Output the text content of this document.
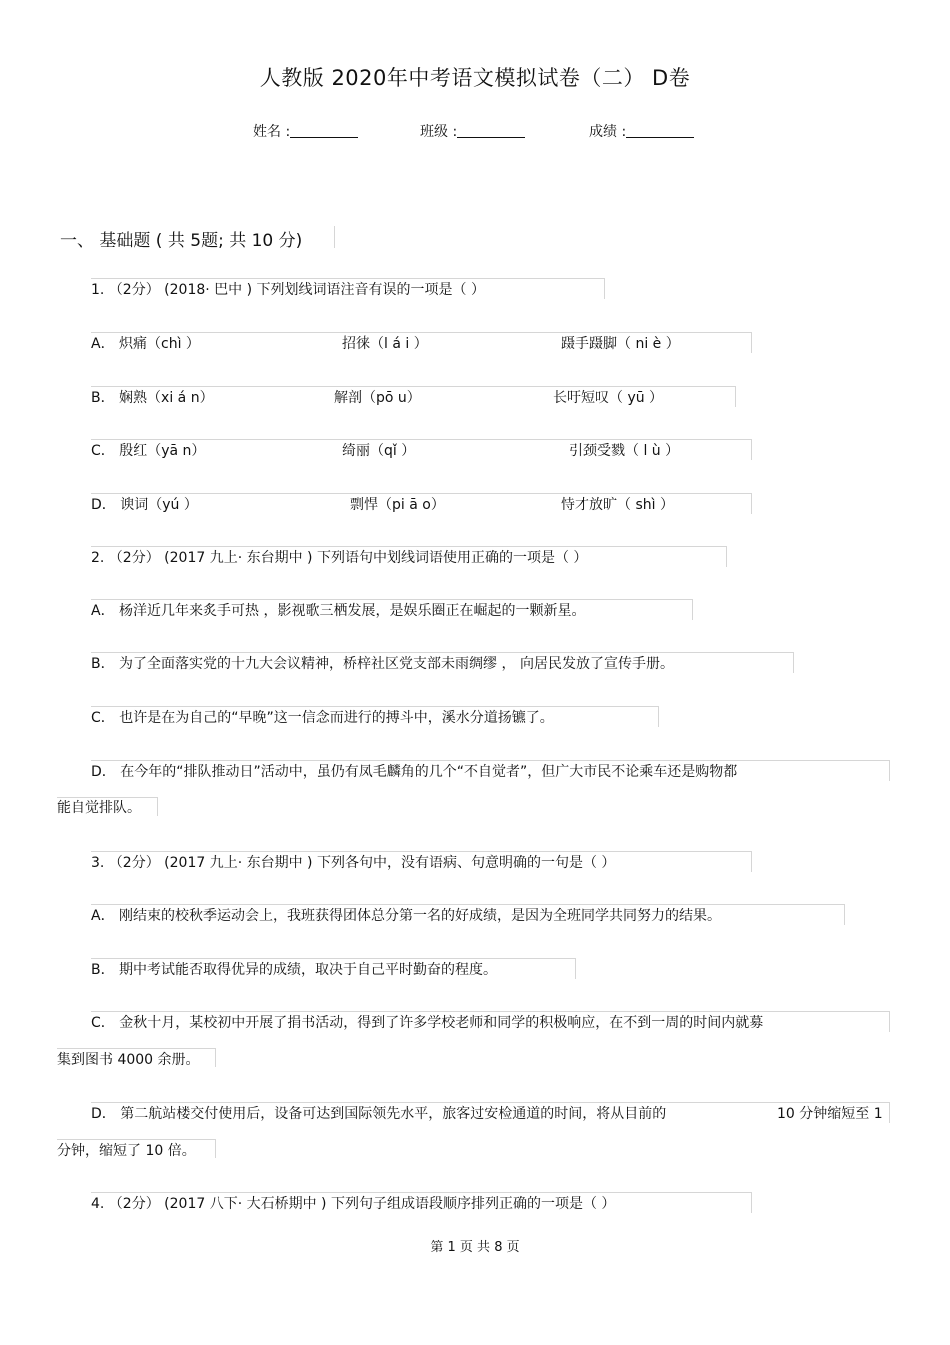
人教版 2020年中考语文模拟试卷（二） D卷
姓名 :	班级 :	成绩 :
一、 基础题 ( 共 5题; 共 10 分)
1. （2分） (2018· 巴中 ) 下列划线词语注音有误的一项是（ ）
A． 炽痛（chì ）	招徕（l á i ）	蹑手蹑脚（ ni è ）
B． 娴熟（xi á n）	解剖（pō u）	长吁短叹（ yū ）
C． 殷红（yā n）	绮丽（qǐ ）	引颈受戮（ l ù ）
D． 谀词（yú ）	剽悍（pi ā o）	恃才放旷（ shì ）
2. （2分） (2017 九上· 东台期中 ) 下列语句中划线词语使用正确的一项是（ ）
A． 杨洋近几年来炙手可热 ，影视歌三栖发展，是娱乐圈正在崛起的一颗新星。
B． 为了全面落实党的十九大会议精神，桥梓社区党支部未雨绸缪 ， 向居民发放了宣传手册。
C． 也许是在为自己的“早晚”这一信念而进行的搏斗中，溪水分道扬镳了。
D． 在今年的“排队推动日”活动中，虽仍有凤毛麟角的几个“不自觉者”，但广大市民不论乘车还是购物都
能自觉排队。
3. （2分） (2017 九上· 东台期中 ) 下列各句中，没有语病、句意明确的一句是（ ）
A． 刚结束的校秋季运动会上，我班获得团体总分第一名的好成绩，是因为全班同学共同努力的结果。
B． 期中考试能否取得优异的成绩，取决于自己平时勤奋的程度。
C． 金秋十月，某校初中开展了捐书活动，得到了许多学校老师和同学的积极响应，在不到一周的时间内就募
集到图书 4000 余册。
D． 第二航站楼交付使用后，设备可达到国际领先水平，旅客过安检通道的时间，将从目前的	10 分钟缩短至 1
分钟，缩短了 10 倍。
4. （2分） (2017 八下· 大石桥期中 ) 下列句子组成语段顺序排列正确的一项是（ ）
第 1 页 共 8 页
